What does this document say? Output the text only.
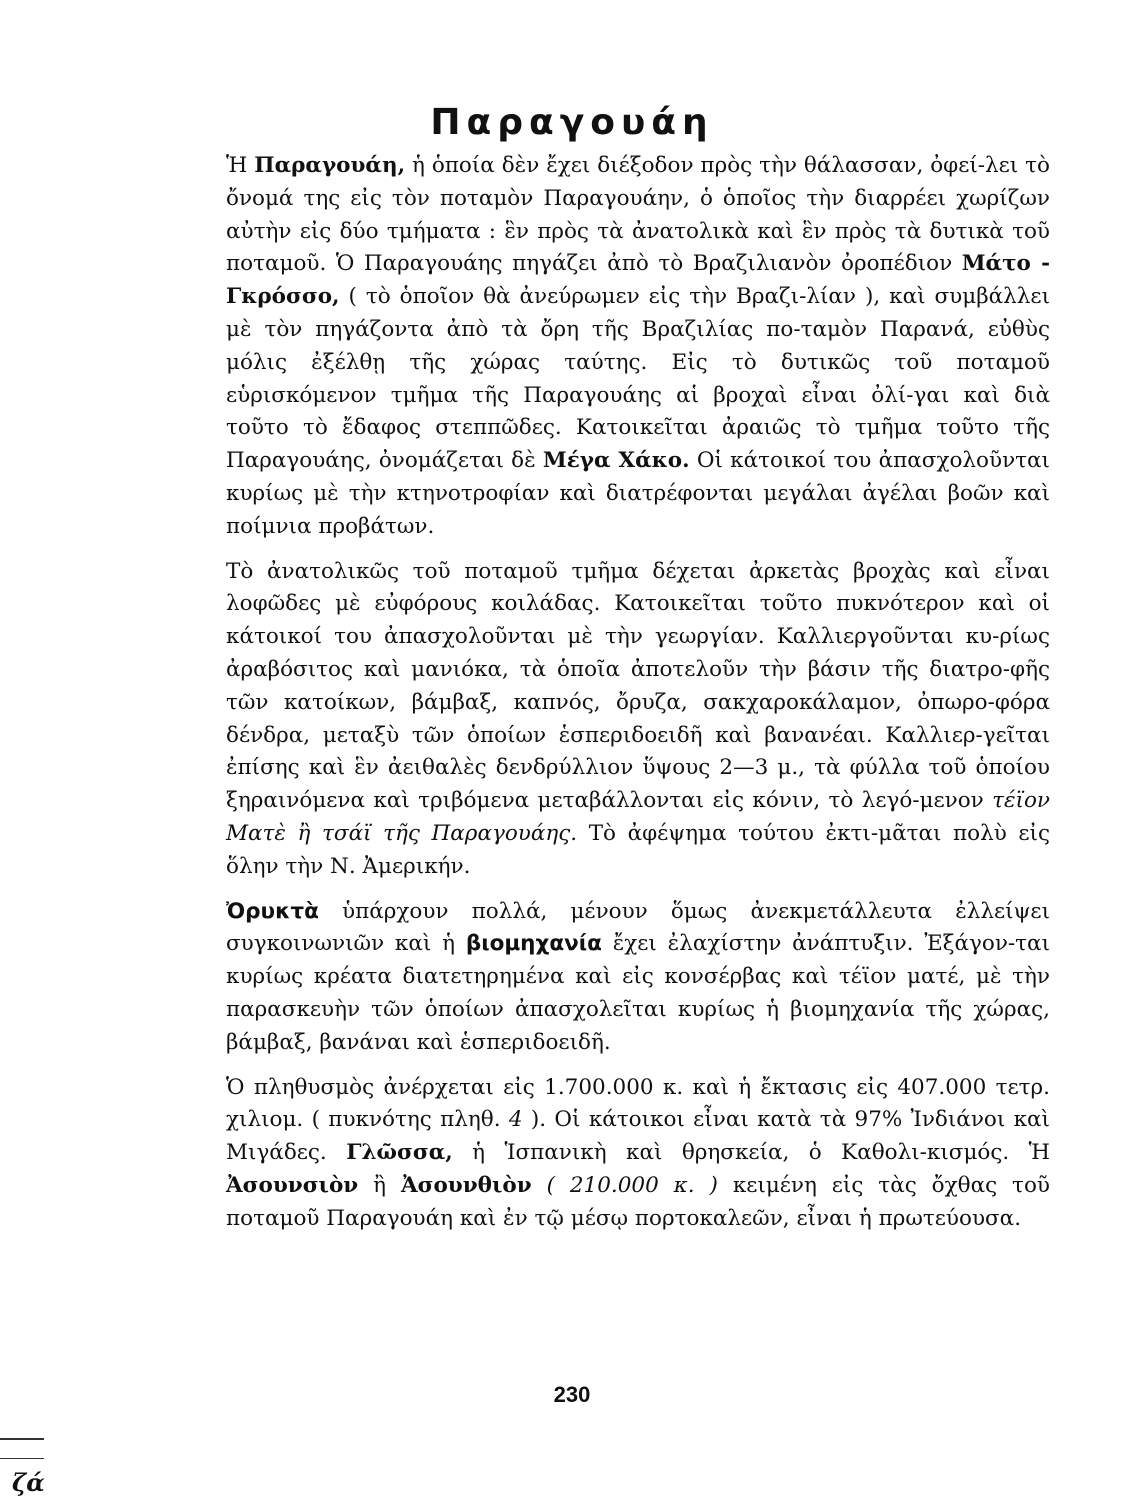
Παραγουάη

Ἡ Παραγουάη, ἡ ὁποία δὲν ἔχει διέξοδον πρὸς τὴν θάλασσαν, ὀφεί-λει τὸ ὄνομά της εἰς τὸν ποταμὸν Παραγουάην, ὁ ὁποῖος τὴν διαρρέει χωρίζων αὐτὴν εἰς δύο τμήματα : ἓν πρὸς τὰ ἀνατολικὰ καὶ ἓν πρὸς τὰ δυτικὰ τοῦ ποταμοῦ. Ὁ Παραγουάης πηγάζει ἀπὸ τὸ Βραζιλιανὸν ὀροπέδιον Μάτο - Γκρόσσο, ( τὸ ὁποῖον θὰ ἀνεύρωμεν εἰς τὴν Βραζι-λίαν ), καὶ συμβάλλει μὲ τὸν πηγάζοντα ἀπὸ τὰ ὄρη τῆς Βραζιλίας πο-ταμὸν Παρανά, εὐθὺς μόλις ἐξέλθῃ τῆς χώρας ταύτης. Εἰς τὸ δυτικῶς τοῦ ποταμοῦ εὑρισκόμενον τμῆμα τῆς Παραγουάης αἱ βροχαὶ εἶναι ὀλί-γαι καὶ διὰ τοῦτο τὸ ἔδαφος στεππῶδες. Κατοικεῖται ἀραιῶς τὸ τμῆμα τοῦτο τῆς Παραγουάης, ὀνομάζεται δὲ Μέγα Χάκο. Οἱ κάτοικοί του ἀπασχολοῦνται κυρίως μὲ τὴν κτηνοτροφίαν καὶ διατρέφονται μεγάλαι ἀγέλαι βοῶν καὶ ποίμνια προβάτων.

Τὸ ἀνατολικῶς τοῦ ποταμοῦ τμῆμα δέχεται ἀρκετὰς βροχὰς καὶ εἶναι λοφῶδες μὲ εὐφόρους κοιλάδας. Κατοικεῖται τοῦτο πυκνότερον καὶ οἱ κάτοικοί του ἀπασχολοῦνται μὲ τὴν γεωργίαν. Καλλιεργοῦνται κυ-ρίως ἀραβόσιτος καὶ μανιόκα, τὰ ὁποῖα ἀποτελοῦν τὴν βάσιν τῆς διατρο-φῆς τῶν κατοίκων, βάμβαξ, καπνός, ὄρυζα, σακχαροκάλαμον, ὀπωρο-φόρα δένδρα, μεταξὺ τῶν ὁποίων ἑσπεριδοειδῆ καὶ βανανέαι. Καλλιερ-γεῖται ἐπίσης καὶ ἓν ἀειθαλὲς δενδρύλλιον ὕψους 2—3 μ., τὰ φύλλα τοῦ ὁποίου ξηραινόμενα καὶ τριβόμενα μεταβάλλονται εἰς κόνιν, τὸ λεγό-μενον τέϊον Ματὲ ἢ τσάϊ τῆς Παραγουάης. Τὸ ἀφέψημα τούτου ἐκτι-μᾶται πολὺ εἰς ὅλην τὴν Ν. Ἀμερικήν.

Ὀρυκτὰ ὑπάρχουν πολλά, μένουν ὅμως ἀνεκμετάλλευτα ἐλλείψει συγκοινωνιῶν καὶ ἡ βιομηχανία ἔχει ἐλαχίστην ἀνάπτυξιν. Ἐξάγον-ται κυρίως κρέατα διατετηρημένα καὶ εἰς κονσέρβας καὶ τέϊον ματέ, μὲ τὴν παρασκευὴν τῶν ὁποίων ἀπασχολεῖται κυρίως ἡ βιομηχανία τῆς χώρας, βάμβαξ, βανάναι καὶ ἑσπεριδοειδῆ.

Ὁ πληθυσμὸς ἀνέρχεται εἰς 1.700.000 κ. καὶ ἡ ἔκτασις εἰς 407.000 τετρ. χιλιομ. ( πυκνότης πληθ. 4 ). Οἱ κάτοικοι εἶναι κατὰ τὰ 97% Ἰνδιάνοι καὶ Μιγάδες. Γλῶσσα, ἡ Ἱσπανικὴ καὶ θρησκεία, ὁ Καθολι-κισμός. Ἡ Ἀσουνσιὸν ἢ Ἀσουνθιὸν ( 210.000 κ. ) κειμένη εἰς τὰς ὄχθας τοῦ ποταμοῦ Παραγουάη καὶ ἐν τῷ μέσῳ πορτοκαλεῶν, εἶναι ἡ πρωτεύουσα.

230
ζά
